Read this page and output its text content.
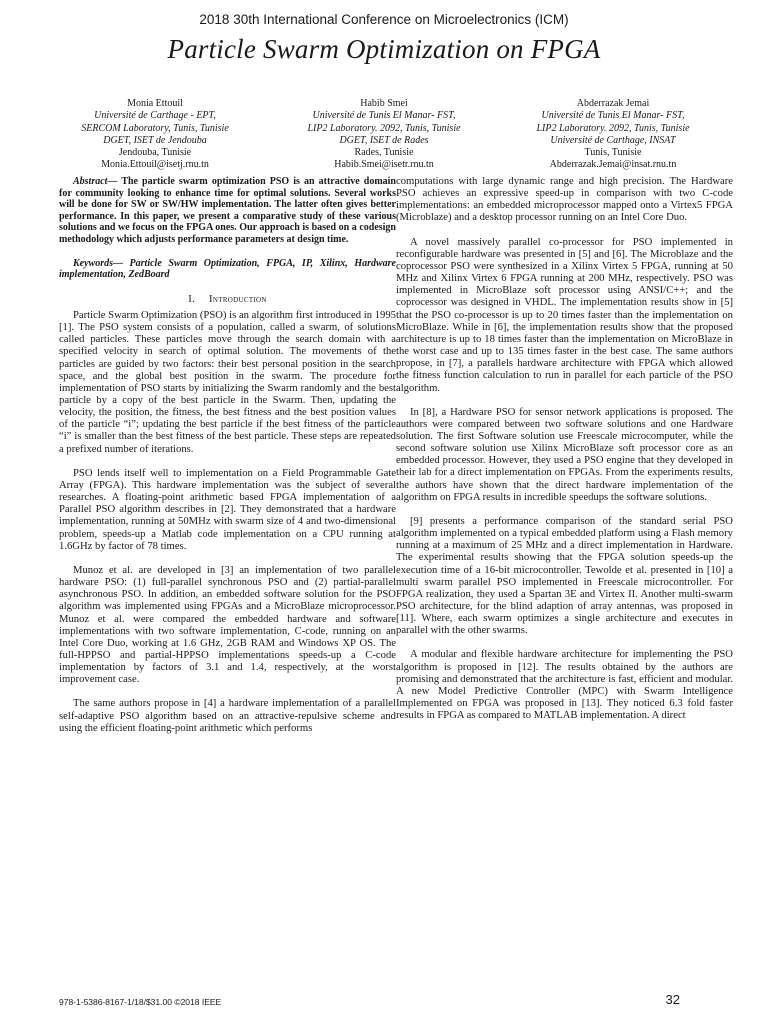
2018 30th International Conference on Microelectronics (ICM)
Particle Swarm Optimization on FPGA
Monia Ettouil
Université de Carthage - EPT,
SERCOM Laboratory, Tunis, Tunisie
DGET, ISET de Jendouba
Jendouba, Tunisie
Monia.Ettouil@isetj.rnu.tn
Habib Smei
Université de Tunis El Manar- FST,
LIP2 Laboratory. 2092, Tunis, Tunisie
DGET, ISET de Rades
Rades, Tunisie
Habib.Smei@isetr.rnu.tn
Abderrazak Jemai
Université de Tunis El Manar- FST,
LIP2 Laboratory. 2092, Tunis, Tunisie
Université de Carthage, INSAT
Tunis, Tunisie
Abderrazak.Jemai@insat.rnu.tn

Abstract— The particle swarm optimization PSO is an attractive domain for community looking to enhance time for optimal solutions. Several works will be done for SW or SW/HW implementation. The latter often gives better performance. In this paper, we present a comparative study of these various solutions and we focus on the FPGA ones. Our approach is based on a codesign methodology which adjusts performance parameters at design time.

Keywords— Particle Swarm Optimization, FPGA, IP, Xilinx, Hardware implementation, ZedBoard

I. Introduction

Particle Swarm Optimization (PSO) is an algorithm first introduced in 1995 [1]. The PSO system consists of a population, called a swarm, of solutions called particles. These particles move through the search domain with a specified velocity in search of optimal solution. The movements of the particles are guided by two factors: their best personal position in the search space, and the global best position in the swarm. The procedure for implementation of PSO starts by initializing the Swarm randomly and the best particle by a copy of the best particle in the Swarm. Then, updating the velocity, the position, the fitness, the best fitness and the best position values of the particle “i”; updating the best particle if the best fitness of the particle “i” is smaller than the best fitness of the best particle. These steps are repeated a prefixed number of iterations.

PSO lends itself well to implementation on a Field Programmable Gate Array (FPGA). This hardware implementation was the subject of several researches. A floating-point arithmetic based FPGA implementation of a Parallel PSO algorithm describes in [2]. They demonstrated that a hardware implementation, running at 50MHz with swarm size of 4 and two-dimensional problem, speeds-up a Matlab code implementation on a CPU running at 1.6GHz by factor of 78 times.

Munoz et al. are developed in [3] an implementation of two parallel hardware PSO: (1) full-parallel synchronous PSO and (2) partial-parallel asynchronous PSO. In addition, an embedded software solution for the PSO algorithm was implemented using FPGAs and a MicroBlaze microprocessor. Munoz et al. were compared the embedded hardware and software implementations with two software implementation, C-code, running on an Intel Core Duo, working at 1.6 GHz, 2GB RAM and Windows XP OS. The full-HPPSO and partial-HPPSO implementations speeds-up a C-code implementation by factors of 3.1 and 1.4, respectively, at the worst improvement case.

The same authors propose in [4] a hardware implementation of a parallel self-adaptive PSO algorithm based on an attractive-repulsive scheme and using the efficient floating-point arithmetic which performs

computations with large dynamic range and high precision. The Hardware PSO achieves an expressive speed-up in comparison with two C-code implementations: an embedded microprocessor mapped onto a Virtex5 FPGA (Microblaze) and a desktop processor running on an Intel Core Duo.

A novel massively parallel co-processor for PSO implemented in reconfigurable hardware was presented in [5] and [6]. The Microblaze and the coprocessor PSO were synthesized in a Xilinx Virtex 5 FPGA, running at 50 MHz and Xilinx Virtex 6 FPGA running at 200 MHz, respectively. PSO was implemented in MicroBlaze soft processor using ANSI/C++; and the coprocessor was designed in VHDL. The implementation results show in [5] that the PSO co-processor is up to 20 times faster than the implementation on MicroBlaze. While in [6], the implementation results show that the proposed architecture is up to 18 times faster than the implementation on MicroBlaze in the worst case and up to 135 times faster in the best case. The same authors propose, in [7], a parallels hardware architecture with FPGA which allowed the fitness function calculation to run in parallel for each particle of the PSO algorithm.

In [8], a Hardware PSO for sensor network applications is proposed. The authors were compared between two software solutions and one Hardware solution. The first Software solution use Freescale microcomputer, while the second software solution use Xilinx MicroBlaze soft processor core as an embedded processor. However, they used a PSO engine that they developed in their lab for a direct implementation on FPGAs. From the experiments results, the authors have shown that the direct hardware implementation of the algorithm on FPGA results in incredible speedups the software solutions.

[9] presents a performance comparison of the standard serial PSO algorithm implemented on a typical embedded platform using a Flash memory running at a maximum of 25 MHz and a direct implementation in Hardware. The experimental results showing that the FPGA solution speeds-up the execution time of a 16-bit microcontroller. Tewolde et al. presented in [10] a multi swarm parallel PSO implemented in Freescale microcontroller. For FPGA realization, they used a Spartan 3E and Virtex II. Another multi-swarm PSO architecture, for the blind adaption of array antennas, was proposed in [11]. Where, each swarm optimizes a single architecture and executes in parallel with the other swarms.

A modular and flexible hardware architecture for implementing the PSO algorithm is proposed in [12]. The results obtained by the authors are promising and demonstrated that the architecture is fast, efficient and modular. A new Model Predictive Controller (MPC) with Swarm Intelligence Implemented on FPGA was proposed in [13]. They noticed 6.3 fold faster results in FPGA as compared to MATLAB implementation. A direct

978-1-5386-8167-1/18/$31.00 ©2018 IEEE	32
